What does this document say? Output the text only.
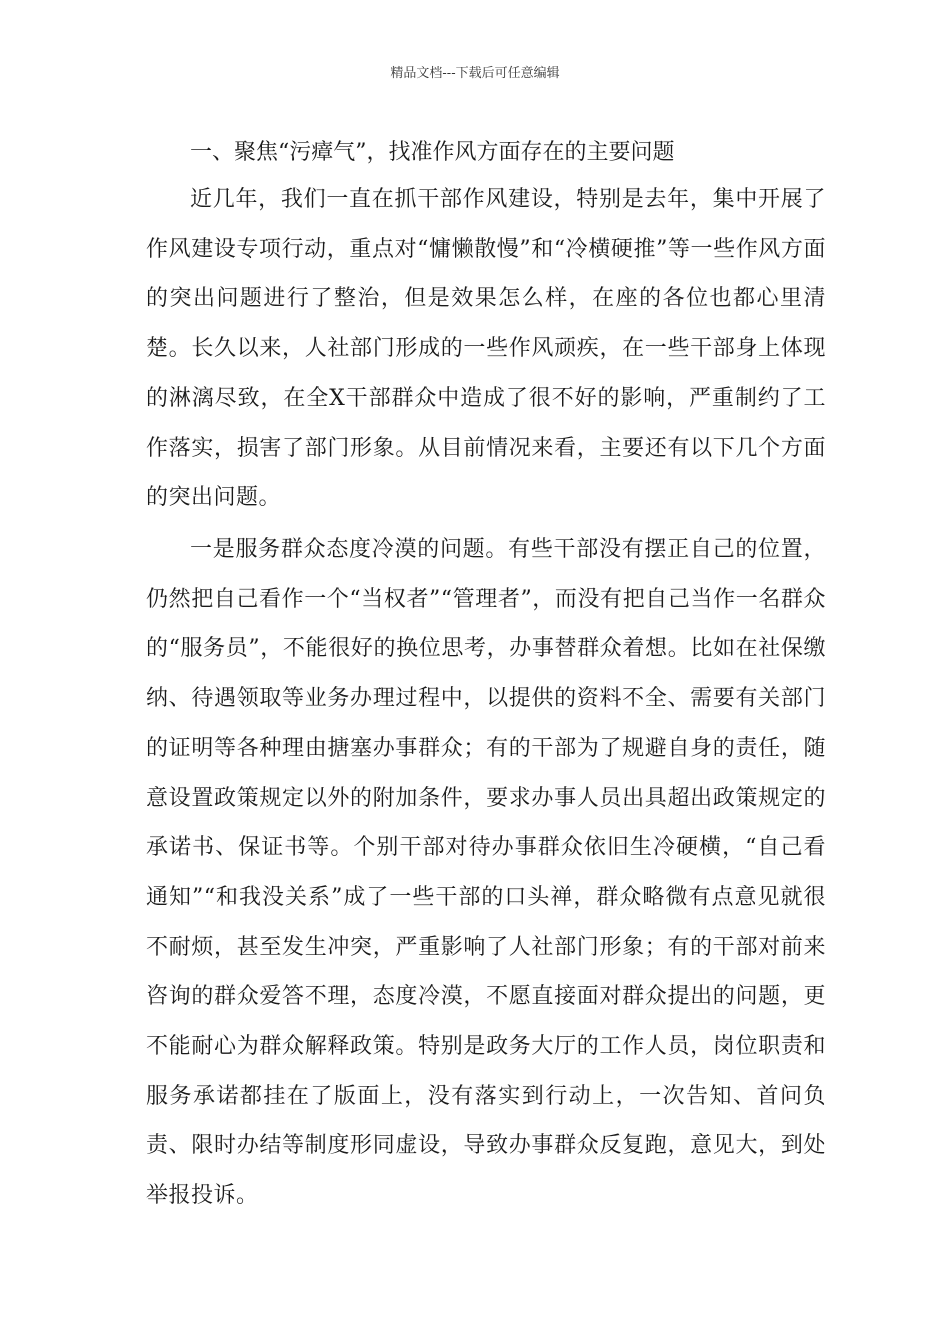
精品文档---下载后可任意编辑
一、聚焦“污瘴气”，找准作风方面存在的主要问题

近几年，我们一直在抓干部作风建设，特别是去年，集中开展了作风建设专项行动，重点对“慵懒散慢”和“冷横硬推”等一些作风方面的突出问题进行了整治，但是效果怎么样，在座的各位也都心里清楚。长久以来，人社部门形成的一些作风顽疾，在一些干部身上体现的淋漓尽致，在全X干部群众中造成了很不好的影响，严重制约了工作落实，损害了部门形象。从目前情况来看，主要还有以下几个方面的突出问题。

一是服务群众态度冷漠的问题。有些干部没有摆正自己的位置，仍然把自己看作一个“当权者”“管理者”，而没有把自己当作一名群众的“服务员”，不能很好的换位思考，办事替群众着想。比如在社保缴纳、待遇领取等业务办理过程中，以提供的资料不全、需要有关部门的证明等各种理由搪塞办事群众；有的干部为了规避自身的责任，随意设置政策规定以外的附加条件，要求办事人员出具超出政策规定的承诺书、保证书等。个别干部对待办事群众依旧生冷硬横，“自己看通知”“和我没关系”成了一些干部的口头禅，群众略微有点意见就很不耐烦，甚至发生冲突，严重影响了人社部门形象；有的干部对前来咨询的群众爱答不理，态度冷漠，不愿直接面对群众提出的问题，更不能耐心为群众解释政策。特别是政务大厅的工作人员，岗位职责和服务承诺都挂在了版面上，没有落实到行动上，一次告知、首问负责、限时办结等制度形同虚设，导致办事群众反复跑，意见大，到处举报投诉。
